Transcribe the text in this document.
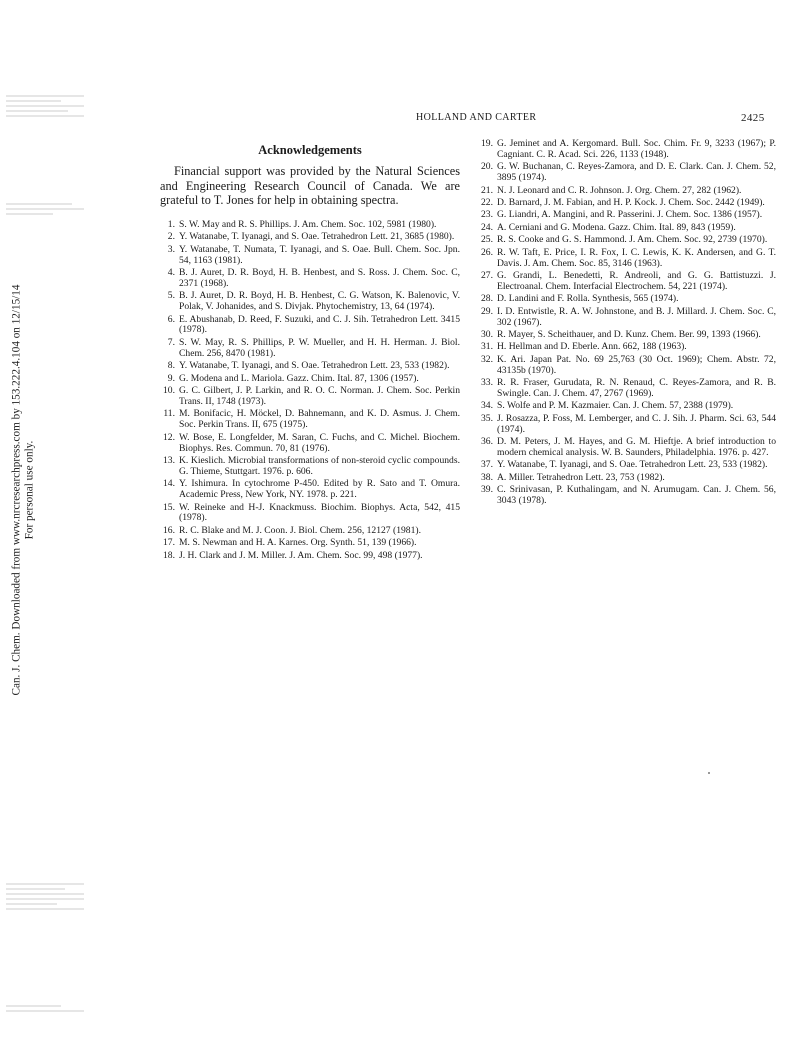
HOLLAND AND CARTER	2425
Can. J. Chem. Downloaded from www.nrcresearchpress.com by 153.222.4.104 on 12/15/14 For personal use only.
Acknowledgements

Financial support was provided by the Natural Sciences and Engineering Research Council of Canada. We are grateful to T. Jones for help in obtaining spectra.

1. S. W. May and R. S. Phillips. J. Am. Chem. Soc. 102, 5981 (1980).
2. Y. Watanabe, T. Iyanagi, and S. Oae. Tetrahedron Lett. 21, 3685 (1980).
3. Y. Watanabe, T. Numata, T. Iyanagi, and S. Oae. Bull. Chem. Soc. Jpn. 54, 1163 (1981).
4. B. J. Auret, D. R. Boyd, H. B. Henbest, and S. Ross. J. Chem. Soc. C, 2371 (1968).
5. B. J. Auret, D. R. Boyd, H. B. Henbest, C. G. Watson, K. Balenovic, V. Polak, V. Johanides, and S. Divjak. Phytochemistry, 13, 64 (1974).
6. E. Abushanab, D. Reed, F. Suzuki, and C. J. Sih. Tetrahedron Lett. 3415 (1978).
7. S. W. May, R. S. Phillips, P. W. Mueller, and H. H. Herman. J. Biol. Chem. 256, 8470 (1981).
8. Y. Watanabe, T. Iyanagi, and S. Oae. Tetrahedron Lett. 23, 533 (1982).
9. G. Modena and L. Mariola. Gazz. Chim. Ital. 87, 1306 (1957).
10. G. C. Gilbert, J. P. Larkin, and R. O. C. Norman. J. Chem. Soc. Perkin Trans. II, 1748 (1973).
11. M. Bonifacic, H. Möckel, D. Bahnemann, and K. D. Asmus. J. Chem. Soc. Perkin Trans. II, 675 (1975).
12. W. Bose, E. Longfelder, M. Saran, C. Fuchs, and C. Michel. Biochem. Biophys. Res. Commun. 70, 81 (1976).
13. K. Kieslich. Microbial transformations of non-steroid cyclic compounds. G. Thieme, Stuttgart. 1976. p. 606.
14. Y. Ishimura. In cytochrome P-450. Edited by R. Sato and T. Omura. Academic Press, New York, NY. 1978. p. 221.
15. W. Reineke and H-J. Knackmuss. Biochim. Biophys. Acta, 542, 415 (1978).
16. R. C. Blake and M. J. Coon. J. Biol. Chem. 256, 12127 (1981).
17. M. S. Newman and H. A. Karnes. Org. Synth. 51, 139 (1966).
18. J. H. Clark and J. M. Miller. J. Am. Chem. Soc. 99, 498 (1977).
19. G. Jeminet and A. Kergomard. Bull. Soc. Chim. Fr. 9, 3233 (1967); P. Cagniant. C. R. Acad. Sci. 226, 1133 (1948).
20. G. W. Buchanan, C. Reyes-Zamora, and D. E. Clark. Can. J. Chem. 52, 3895 (1974).
21. N. J. Leonard and C. R. Johnson. J. Org. Chem. 27, 282 (1962).
22. D. Barnard, J. M. Fabian, and H. P. Kock. J. Chem. Soc. 2442 (1949).
23. G. Liandri, A. Mangini, and R. Passerini. J. Chem. Soc. 1386 (1957).
24. A. Cerniani and G. Modena. Gazz. Chim. Ital. 89, 843 (1959).
25. R. S. Cooke and G. S. Hammond. J. Am. Chem. Soc. 92, 2739 (1970).
26. R. W. Taft, E. Price, I. R. Fox, I. C. Lewis, K. K. Andersen, and G. T. Davis. J. Am. Chem. Soc. 85, 3146 (1963).
27. G. Grandi, L. Benedetti, R. Andreoli, and G. G. Battistuzzi. J. Electroanal. Chem. Interfacial Electrochem. 54, 221 (1974).
28. D. Landini and F. Rolla. Synthesis, 565 (1974).
29. I. D. Entwistle, R. A. W. Johnstone, and B. J. Millard. J. Chem. Soc. C, 302 (1967).
30. R. Mayer, S. Scheithauer, and D. Kunz. Chem. Ber. 99, 1393 (1966).
31. H. Hellman and D. Eberle. Ann. 662, 188 (1963).
32. K. Ari. Japan Pat. No. 69 25,763 (30 Oct. 1969); Chem. Abstr. 72, 43135b (1970).
33. R. R. Fraser, Gurudata, R. N. Renaud, C. Reyes-Zamora, and R. B. Swingle. Can. J. Chem. 47, 2767 (1969).
34. S. Wolfe and P. M. Kazmaier. Can. J. Chem. 57, 2388 (1979).
35. J. Rosazza, P. Foss, M. Lemberger, and C. J. Sih. J. Pharm. Sci. 63, 544 (1974).
36. D. M. Peters, J. M. Hayes, and G. M. Hieftje. A brief introduction to modern chemical analysis. W. B. Saunders, Philadelphia. 1976. p. 427.
37. Y. Watanabe, T. Iyanagi, and S. Oae. Tetrahedron Lett. 23, 533 (1982).
38. A. Miller. Tetrahedron Lett. 23, 753 (1982).
39. C. Srinivasan, P. Kuthalingam, and N. Arumugam. Can. J. Chem. 56, 3043 (1978).
